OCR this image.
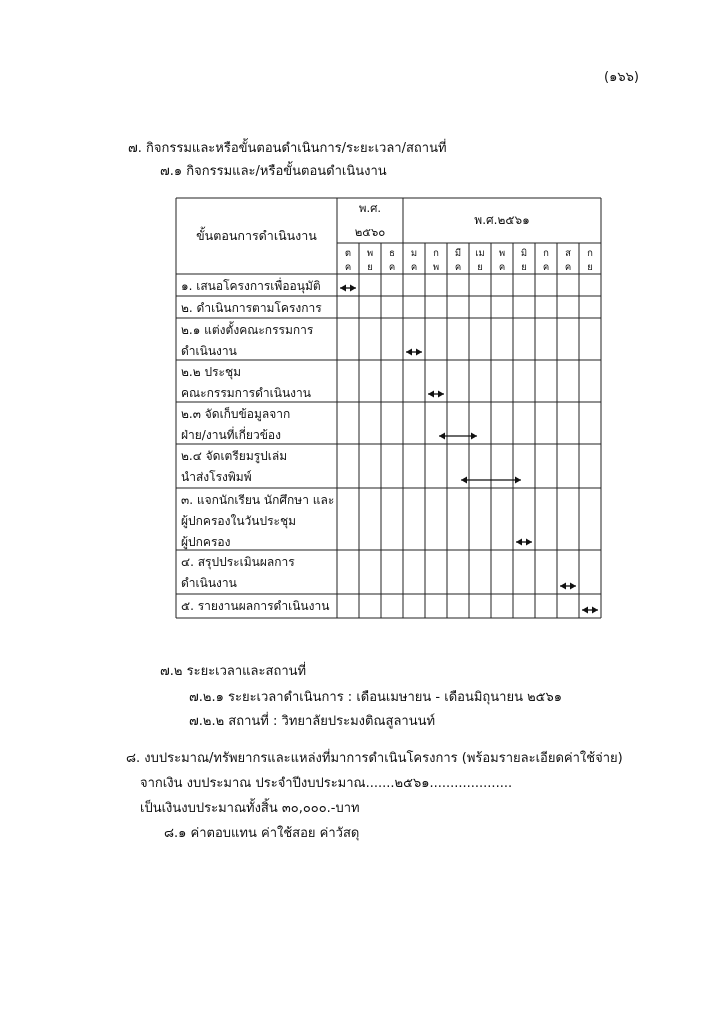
(๑๖๖)
๗. กิจกรรมและหรือขั้นตอนดำเนินการ/ระยะเวลา/สถานที่
๗.๑ กิจกรรมและ/หรือขั้นตอนดำเนินงาน
ขั้นตอนการดำเนินงาน
พ.ศ.
๒๕๖๐
พ.ศ.๒๕๖๑
ต
ค
พ
ย
ธ
ค
ม
ค
ก
พ
มี
ค
เม
ย
พ
ค
มิ
ย
ก
ค
ส
ค
ก
ย
๑. เสนอโครงการเพื่ออนุมัติ
๒. ดำเนินการตามโครงการ
๒.๑ แต่งตั้งคณะกรรมการ
ดำเนินงาน
๒.๒ ประชุม
คณะกรรมการดำเนินงาน
๒.๓ จัดเก็บข้อมูลจาก
ฝ่าย/งานที่เกี่ยวข้อง
๒.๔ จัดเตรียมรูปเล่ม
นำส่งโรงพิมพ์
๓. แจกนักเรียน นักศึกษา และ
ผู้ปกครองในวันประชุม
ผู้ปกครอง
๔. สรุปประเมินผลการ
ดำเนินงาน
๕. รายงานผลการดำเนินงาน
๗.๒ ระยะเวลาและสถานที่
๗.๒.๑ ระยะเวลาดำเนินการ : เดือนเมษายน - เดือนมิถุนายน ๒๕๖๑
๗.๒.๒ สถานที่ : วิทยาลัยประมงติณสูลานนท์
๘. งบประมาณ/ทรัพยากรและแหล่งที่มาการดำเนินโครงการ (พร้อมรายละเอียดค่าใช้จ่าย)
จากเงิน งบประมาณ ประจำปีงบประมาณ.......๒๕๖๑....................
เป็นเงินงบประมาณทั้งสิ้น ๓๐,๐๐๐.-บาท
๘.๑ ค่าตอบแทน ค่าใช้สอย ค่าวัสดุ
